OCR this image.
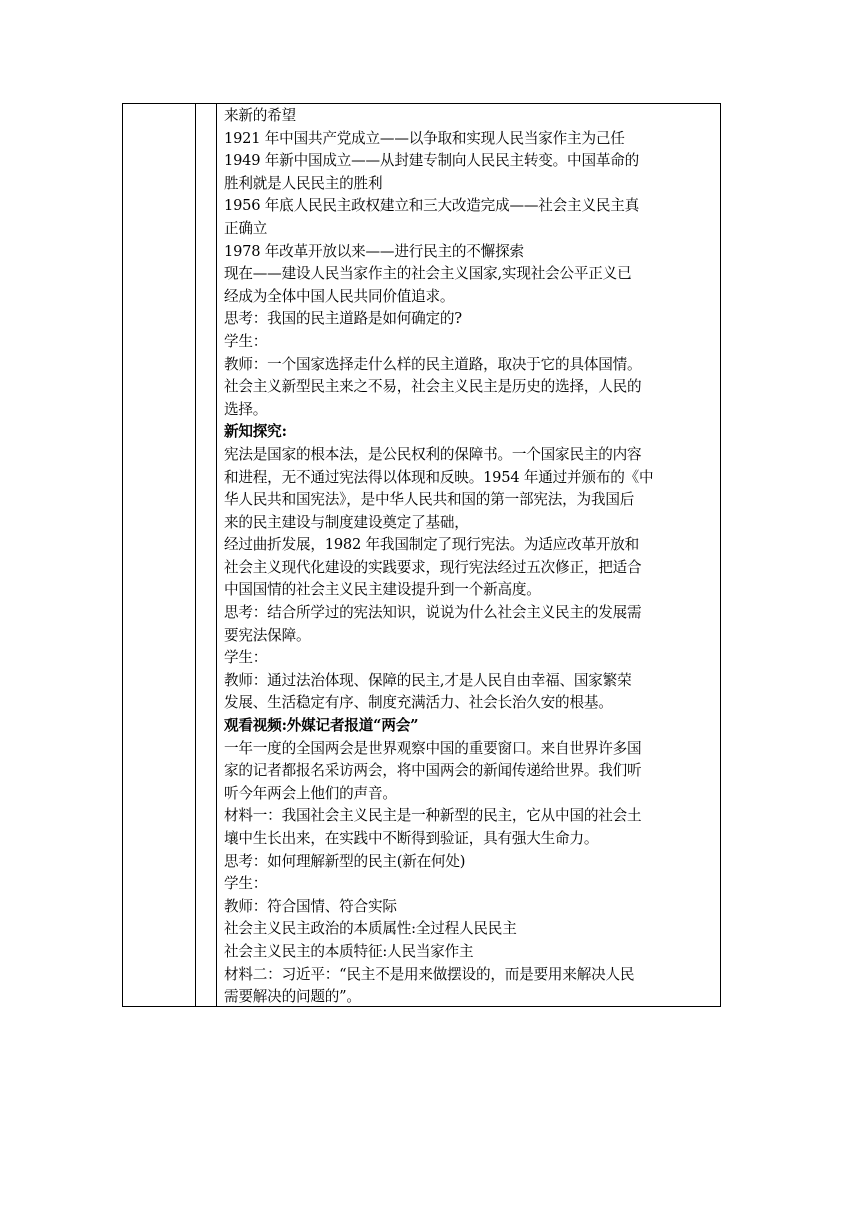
来新的希望
1921 年中国共产党成立——以争取和实现人民当家作主为己任
1949 年新中国成立——从封建专制向人民民主转变。中国革命的
胜利就是人民民主的胜利
1956 年底人民民主政权建立和三大改造完成——社会主义民主真
正确立
1978 年改革开放以来——进行民主的不懈探索
现在——建设人民当家作主的社会主义国家,实现社会公平正义已
经成为全体中国人民共同价值追求。
思考：我国的民主道路是如何确定的?
学生：
教师：一个国家选择走什么样的民主道路，取决于它的具体国情。
社会主义新型民主来之不易，社会主义民主是历史的选择，人民的
选择。
新知探究:
宪法是国家的根本法，是公民权利的保障书。一个国家民主的内容
和进程，无不通过宪法得以体现和反映。1954 年通过并颁布的《中
华人民共和国宪法》，是中华人民共和国的第一部宪法，为我国后
来的民主建设与制度建设奠定了基础，
经过曲折发展，1982 年我国制定了现行宪法。为适应改革开放和
社会主义现代化建设的实践要求，现行宪法经过五次修正，把适合
中国国情的社会主义民主建设提升到一个新高度。
思考：结合所学过的宪法知识，说说为什么社会主义民主的发展需
要宪法保障。
学生：
教师：通过法治体现、保障的民主,才是人民自由幸福、国家繁荣
发展、生活稳定有序、制度充满活力、社会长治久安的根基。
观看视频:外媒记者报道“两会”
一年一度的全国两会是世界观察中国的重要窗口。来自世界许多国
家的记者都报名采访两会，将中国两会的新闻传递给世界。我们听
听今年两会上他们的声音。
材料一：我国社会主义民主是一种新型的民主，它从中国的社会土
壤中生长出来，在实践中不断得到验证，具有强大生命力。
思考：如何理解新型的民主(新在何处)
学生：
教师：符合国情、符合实际
社会主义民主政治的本质属性:全过程人民民主
社会主义民主的本质特征:人民当家作主
材料二：习近平：“民主不是用来做摆设的，而是要用来解决人民
需要解决的问题的”。
